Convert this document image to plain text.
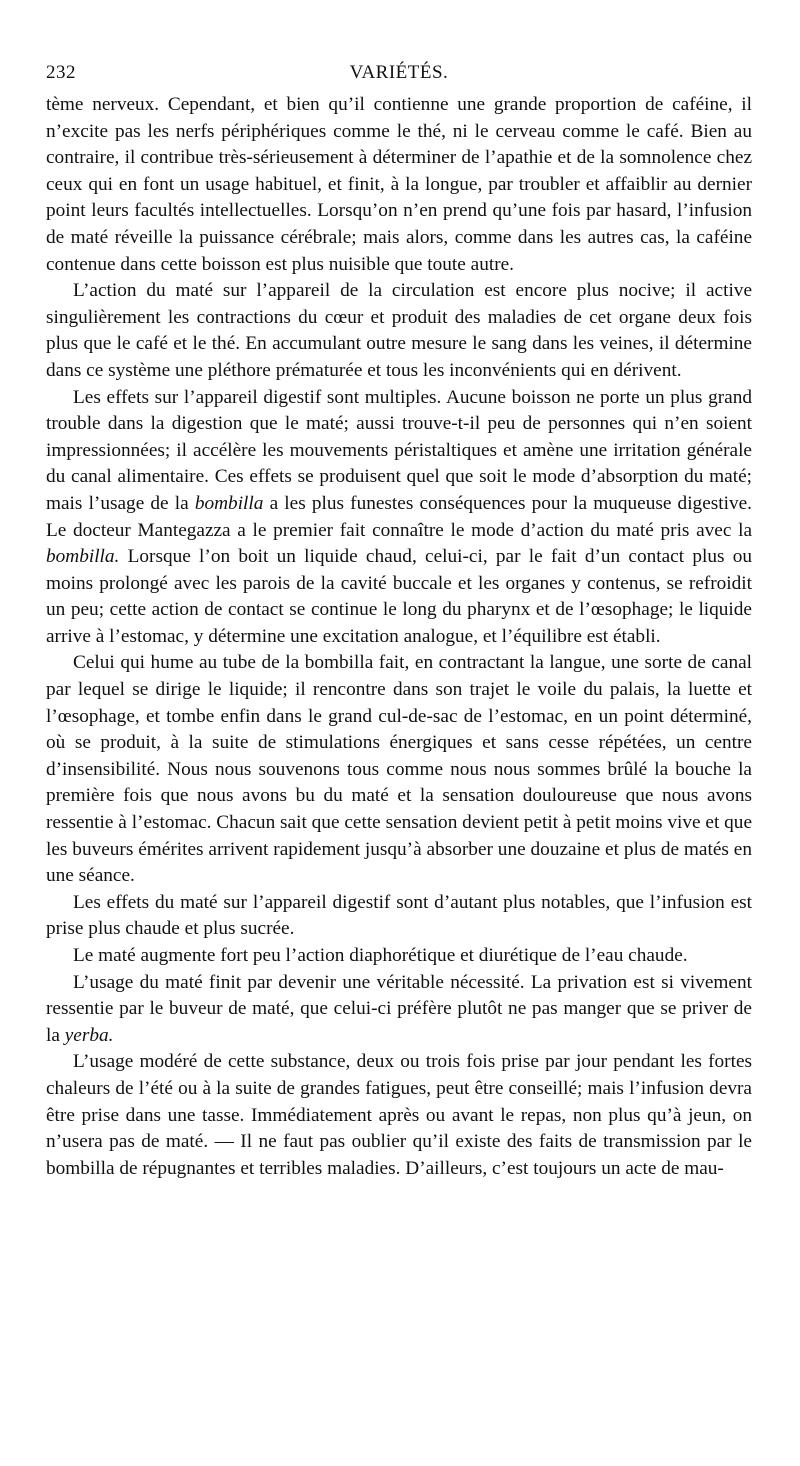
232	VARIÉTÉS.

tème nerveux. Cependant, et bien qu’il contienne une grande proportion de caféine, il n’excite pas les nerfs périphériques comme le thé, ni le cerveau comme le café. Bien au contraire, il contribue très-sérieusement à déterminer de l’apathie et de la somnolence chez ceux qui en font un usage habituel, et finit, à la longue, par troubler et affaiblir au dernier point leurs facultés intellectuelles. Lorsqu’on n’en prend qu’une fois par hasard, l’infusion de maté réveille la puissance cérébrale; mais alors, comme dans les autres cas, la caféine contenue dans cette boisson est plus nuisible que toute autre.

L’action du maté sur l’appareil de la circulation est encore plus nocive; il active singulièrement les contractions du cœur et produit des maladies de cet organe deux fois plus que le café et le thé. En accumulant outre mesure le sang dans les veines, il détermine dans ce système une pléthore prématurée et tous les inconvénients qui en dérivent.

Les effets sur l’appareil digestif sont multiples. Aucune boisson ne porte un plus grand trouble dans la digestion que le maté; aussi trouve-t-il peu de personnes qui n’en soient impressionnées; il accélère les mouvements péristaltiques et amène une irritation générale du canal alimentaire. Ces effets se produisent quel que soit le mode d’absorption du maté; mais l’usage de la bombilla a les plus funestes conséquences pour la muqueuse digestive. Le docteur Mantegazza a le premier fait connaître le mode d’action du maté pris avec la bombilla. Lorsque l’on boit un liquide chaud, celui-ci, par le fait d’un contact plus ou moins prolongé avec les parois de la cavité buccale et les organes y contenus, se refroidit un peu; cette action de contact se continue le long du pharynx et de l’œsophage; le liquide arrive à l’estomac, y détermine une excitation analogue, et l’équilibre est établi.

Celui qui hume au tube de la bombilla fait, en contractant la langue, une sorte de canal par lequel se dirige le liquide; il rencontre dans son trajet le voile du palais, la luette et l’œsophage, et tombe enfin dans le grand cul-de-sac de l’estomac, en un point déterminé, où se produit, à la suite de stimulations énergiques et sans cesse répétées, un centre d’insensibilité. Nous nous souvenons tous comme nous nous sommes brûlé la bouche la première fois que nous avons bu du maté et la sensation douloureuse que nous avons ressentie à l’estomac. Chacun sait que cette sensation devient petit à petit moins vive et que les buveurs émérites arrivent rapidement jusqu’à absorber une douzaine et plus de matés en une séance.

Les effets du maté sur l’appareil digestif sont d’autant plus notables, que l’infusion est prise plus chaude et plus sucrée.

Le maté augmente fort peu l’action diaphorétique et diurétique de l’eau chaude.

L’usage du maté finit par devenir une véritable nécessité. La privation est si vivement ressentie par le buveur de maté, que celui-ci préfère plutôt ne pas manger que se priver de la yerba.

L’usage modéré de cette substance, deux ou trois fois prise par jour pendant les fortes chaleurs de l’été ou à la suite de grandes fatigues, peut être conseillé; mais l’infusion devra être prise dans une tasse. Immédiatement après ou avant le repas, non plus qu’à jeun, on n’usera pas de maté. — Il ne faut pas oublier qu’il existe des faits de transmission par le bombilla de répugnantes et terribles maladies. D’ailleurs, c’est toujours un acte de mau-
